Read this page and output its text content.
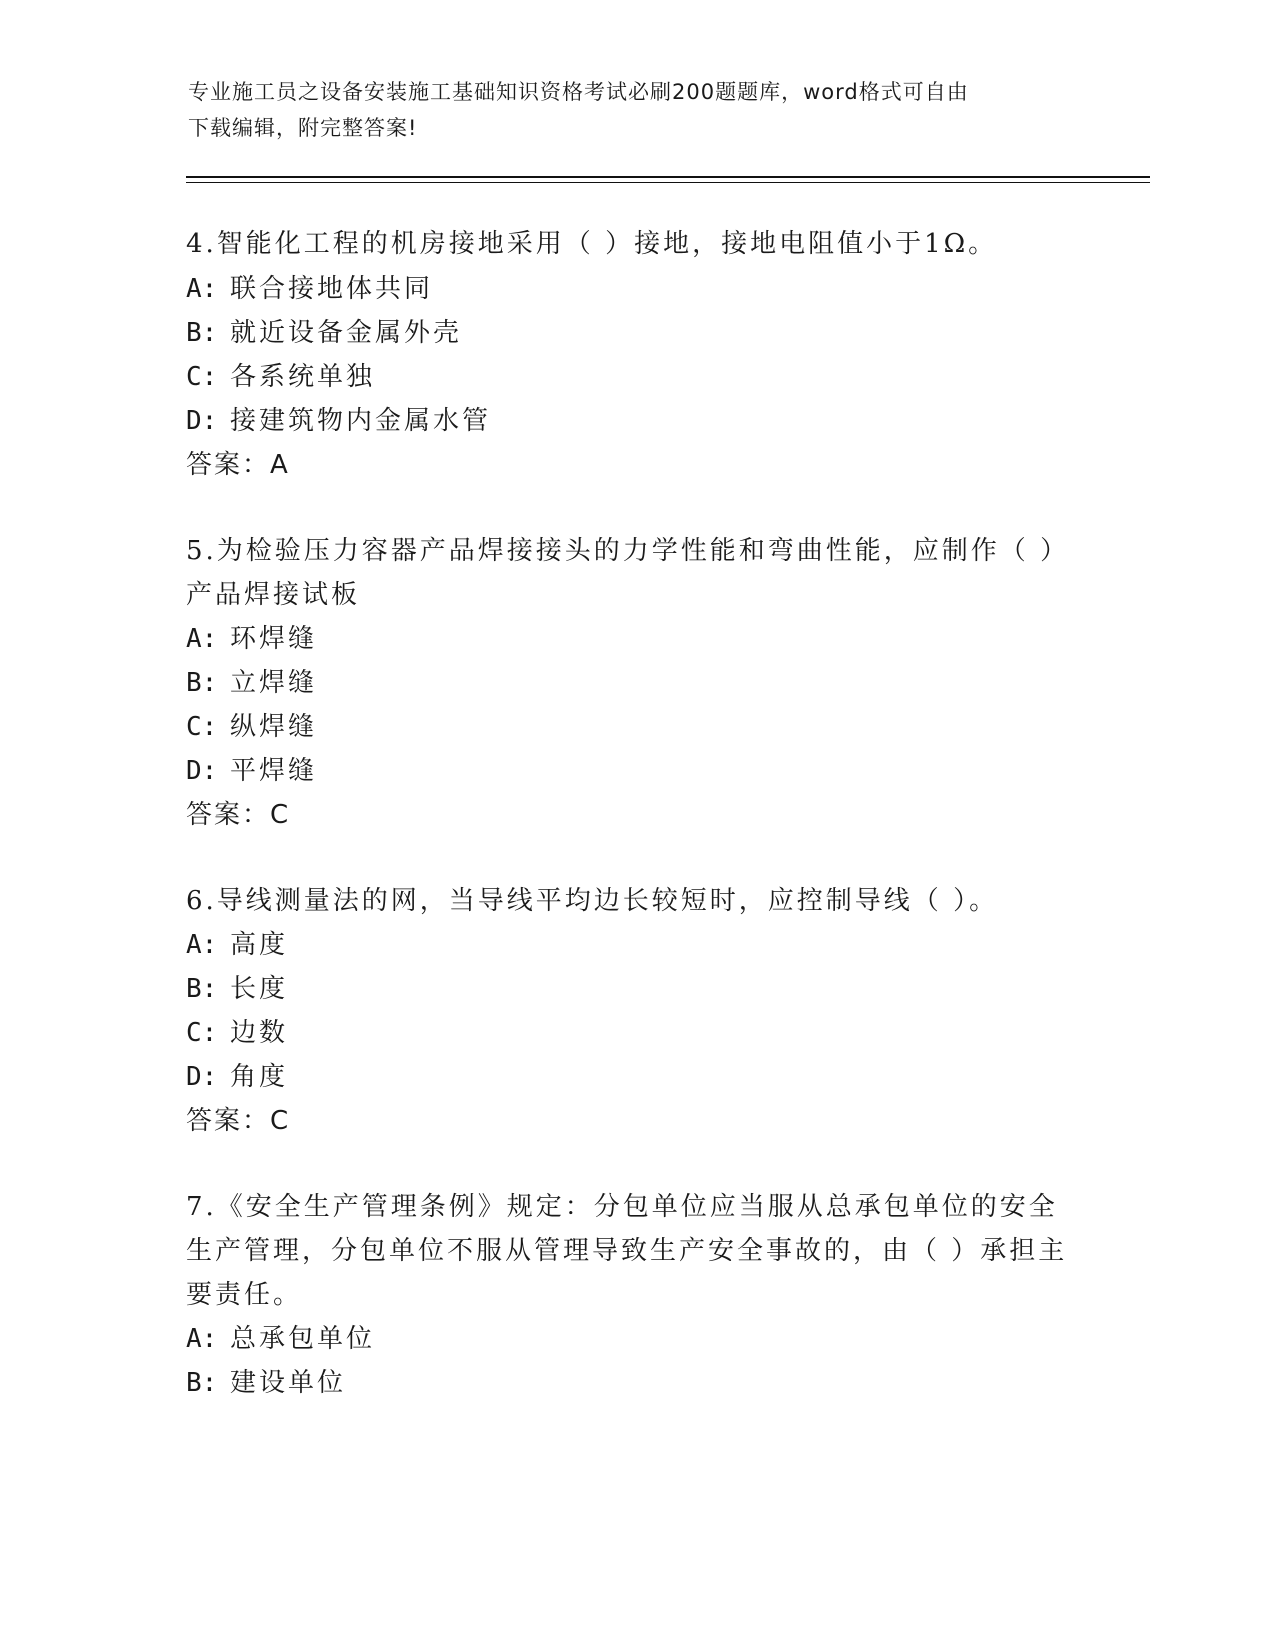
专业施工员之设备安装施工基础知识资格考试必刷200题题库，word格式可自由
下载编辑，附完整答案!
4.智能化工程的机房接地采用（ ）接地，接地电阻值小于1Ω。
A: 联合接地体共同
B: 就近设备金属外壳
C: 各系统单独
D: 接建筑物内金属水管
答案：A
5.为检验压力容器产品焊接接头的力学性能和弯曲性能，应制作（ ）
产品焊接试板
A: 环焊缝
B: 立焊缝
C: 纵焊缝
D: 平焊缝
答案：C
6.导线测量法的网，当导线平均边长较短时，应控制导线（ ）。
A: 高度
B: 长度
C: 边数
D: 角度
答案：C
7.《安全生产管理条例》规定：分包单位应当服从总承包单位的安全
生产管理，分包单位不服从管理导致生产安全事故的，由（ ）承担主
要责任。
A: 总承包单位
B: 建设单位
